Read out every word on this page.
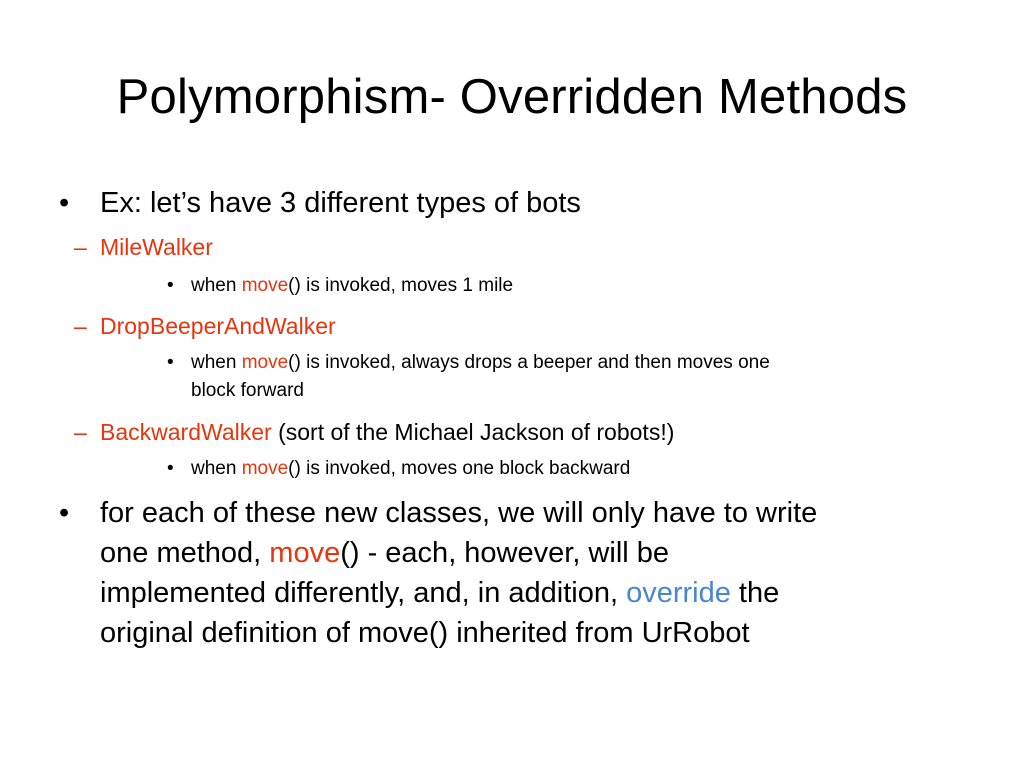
Polymorphism- Overridden Methods
• Ex: let’s have 3 different types of bots
– MileWalker
• when move() is invoked, moves 1 mile
– DropBeeperAndWalker
• when move() is invoked, always drops a beeper and then moves one
block forward
– BackwardWalker (sort of the Michael Jackson of robots!)
• when move() is invoked, moves one block backward
• for each of these new classes, we will only have to write
one method, move() - each, however, will be
implemented differently, and, in addition, override the
original definition of move() inherited from UrRobot
